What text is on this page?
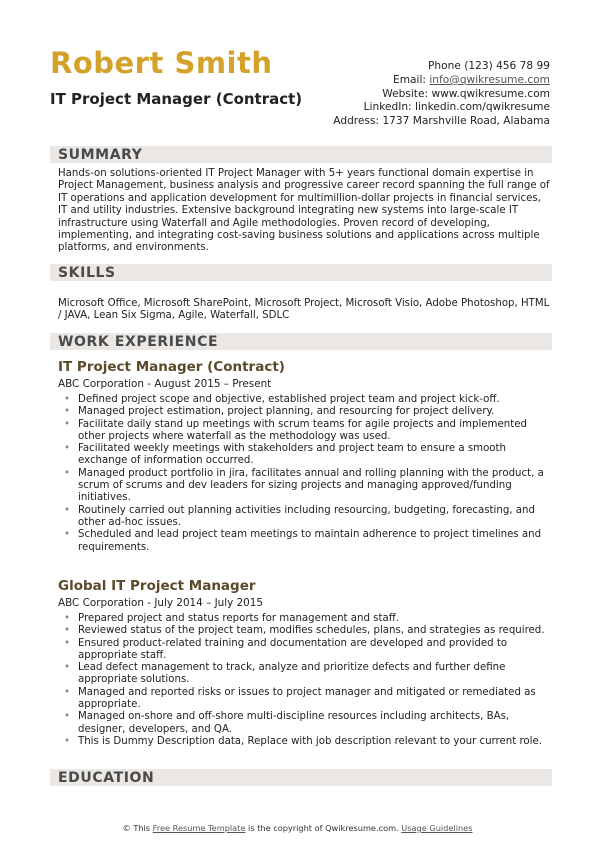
Robert Smith
IT Project Manager (Contract)
Phone (123) 456 78 99
Email: info@qwikresume.com
Website: www.qwikresume.com
LinkedIn: linkedin.com/qwikresume
Address: 1737 Marshville Road, Alabama
SUMMARY
Hands-on solutions-oriented IT Project Manager with 5+ years functional domain expertise in Project Management, business analysis and progressive career record spanning the full range of IT operations and application development for multimillion-dollar projects in financial services, IT and utility industries. Extensive background integrating new systems into large-scale IT infrastructure using Waterfall and Agile methodologies. Proven record of developing, implementing, and integrating cost-saving business solutions and applications across multiple platforms, and environments.
SKILLS
Microsoft Office, Microsoft SharePoint, Microsoft Project, Microsoft Visio, Adobe Photoshop, HTML / JAVA, Lean Six Sigma, Agile, Waterfall, SDLC
WORK EXPERIENCE
IT Project Manager (Contract)
ABC Corporation - August 2015 – Present
• Defined project scope and objective, established project team and project kick-off.
• Managed project estimation, project planning, and resourcing for project delivery.
• Facilitate daily stand up meetings with scrum teams for agile projects and implemented other projects where waterfall as the methodology was used.
• Facilitated weekly meetings with stakeholders and project team to ensure a smooth exchange of information occurred.
• Managed product portfolio in jira, facilitates annual and rolling planning with the product, a scrum of scrums and dev leaders for sizing projects and managing approved/funding initiatives.
• Routinely carried out planning activities including resourcing, budgeting, forecasting, and other ad-hoc issues.
• Scheduled and lead project team meetings to maintain adherence to project timelines and requirements.
Global IT Project Manager
ABC Corporation - July 2014 – July 2015
• Prepared project and status reports for management and staff.
• Reviewed status of the project team, modifies schedules, plans, and strategies as required.
• Ensured product-related training and documentation are developed and provided to appropriate staff.
• Lead defect management to track, analyze and prioritize defects and further define appropriate solutions.
• Managed and reported risks or issues to project manager and mitigated or remediated as appropriate.
• Managed on-shore and off-shore multi-discipline resources including architects, BAs, designer, developers, and QA.
• This is Dummy Description data, Replace with job description relevant to your current role.
EDUCATION
© This Free Resume Template is the copyright of Qwikresume.com. Usage Guidelines
